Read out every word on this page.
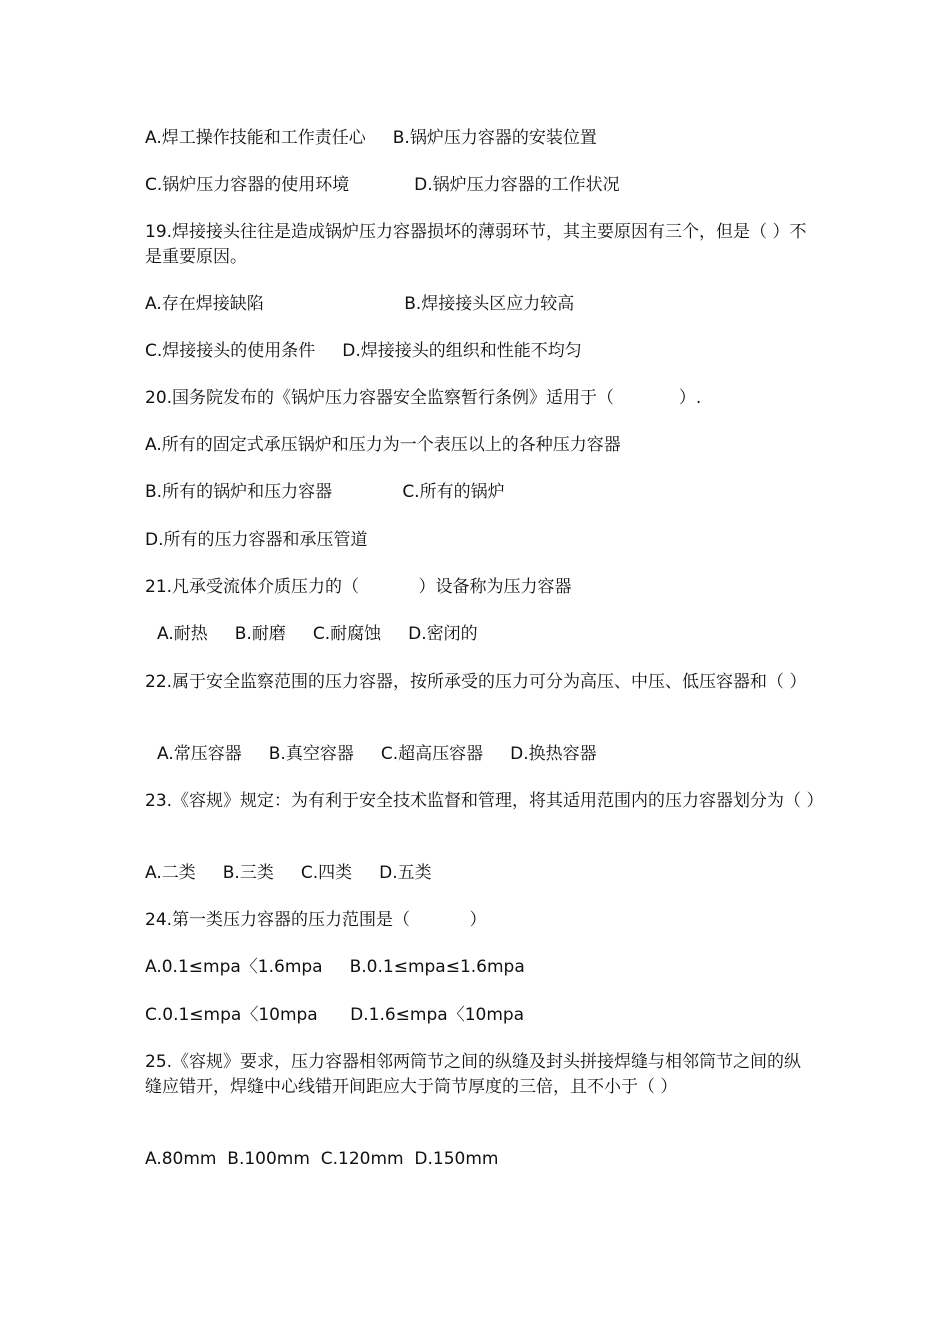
A.焊工操作技能和工作责任心     B.锅炉压力容器的安装位置
C.锅炉压力容器的使用环境            D.锅炉压力容器的工作状况
19.焊接接头往往是造成锅炉压力容器损坏的薄弱环节，其主要原因有三个，但是（ ）不是重要原因。
A.存在焊接缺陷                          B.焊接接头区应力较高
C.焊接接头的使用条件     D.焊接接头的组织和性能不均匀
20.国务院发布的《锅炉压力容器安全监察暂行条例》适用于（            ）.
A.所有的固定式承压锅炉和压力为一个表压以上的各种压力容器
B.所有的锅炉和压力容器             C.所有的锅炉
D.所有的压力容器和承压管道
21.凡承受流体介质压力的（           ）设备称为压力容器
A.耐热     B.耐磨     C.耐腐蚀     D.密闭的
22.属于安全监察范围的压力容器，按所承受的压力可分为高压、中压、低压容器和（ ）
A.常压容器     B.真空容器     C.超高压容器     D.换热容器
23.《容规》规定：为有利于安全技术监督和管理，将其适用范围内的压力容器划分为（ ）
A.二类     B.三类     C.四类     D.五类
24.第一类压力容器的压力范围是（           ）
A.0.1≤mpa〈1.6mpa     B.0.1≤mpa≤1.6mpa
C.0.1≤mpa〈10mpa      D.1.6≤mpa〈10mpa
25.《容规》要求，压力容器相邻两筒节之间的纵缝及封头拼接焊缝与相邻筒节之间的纵缝应错开，焊缝中心线错开间距应大于筒节厚度的三倍，且不小于（ ）
A.80mm  B.100mm  C.120mm  D.150mm
